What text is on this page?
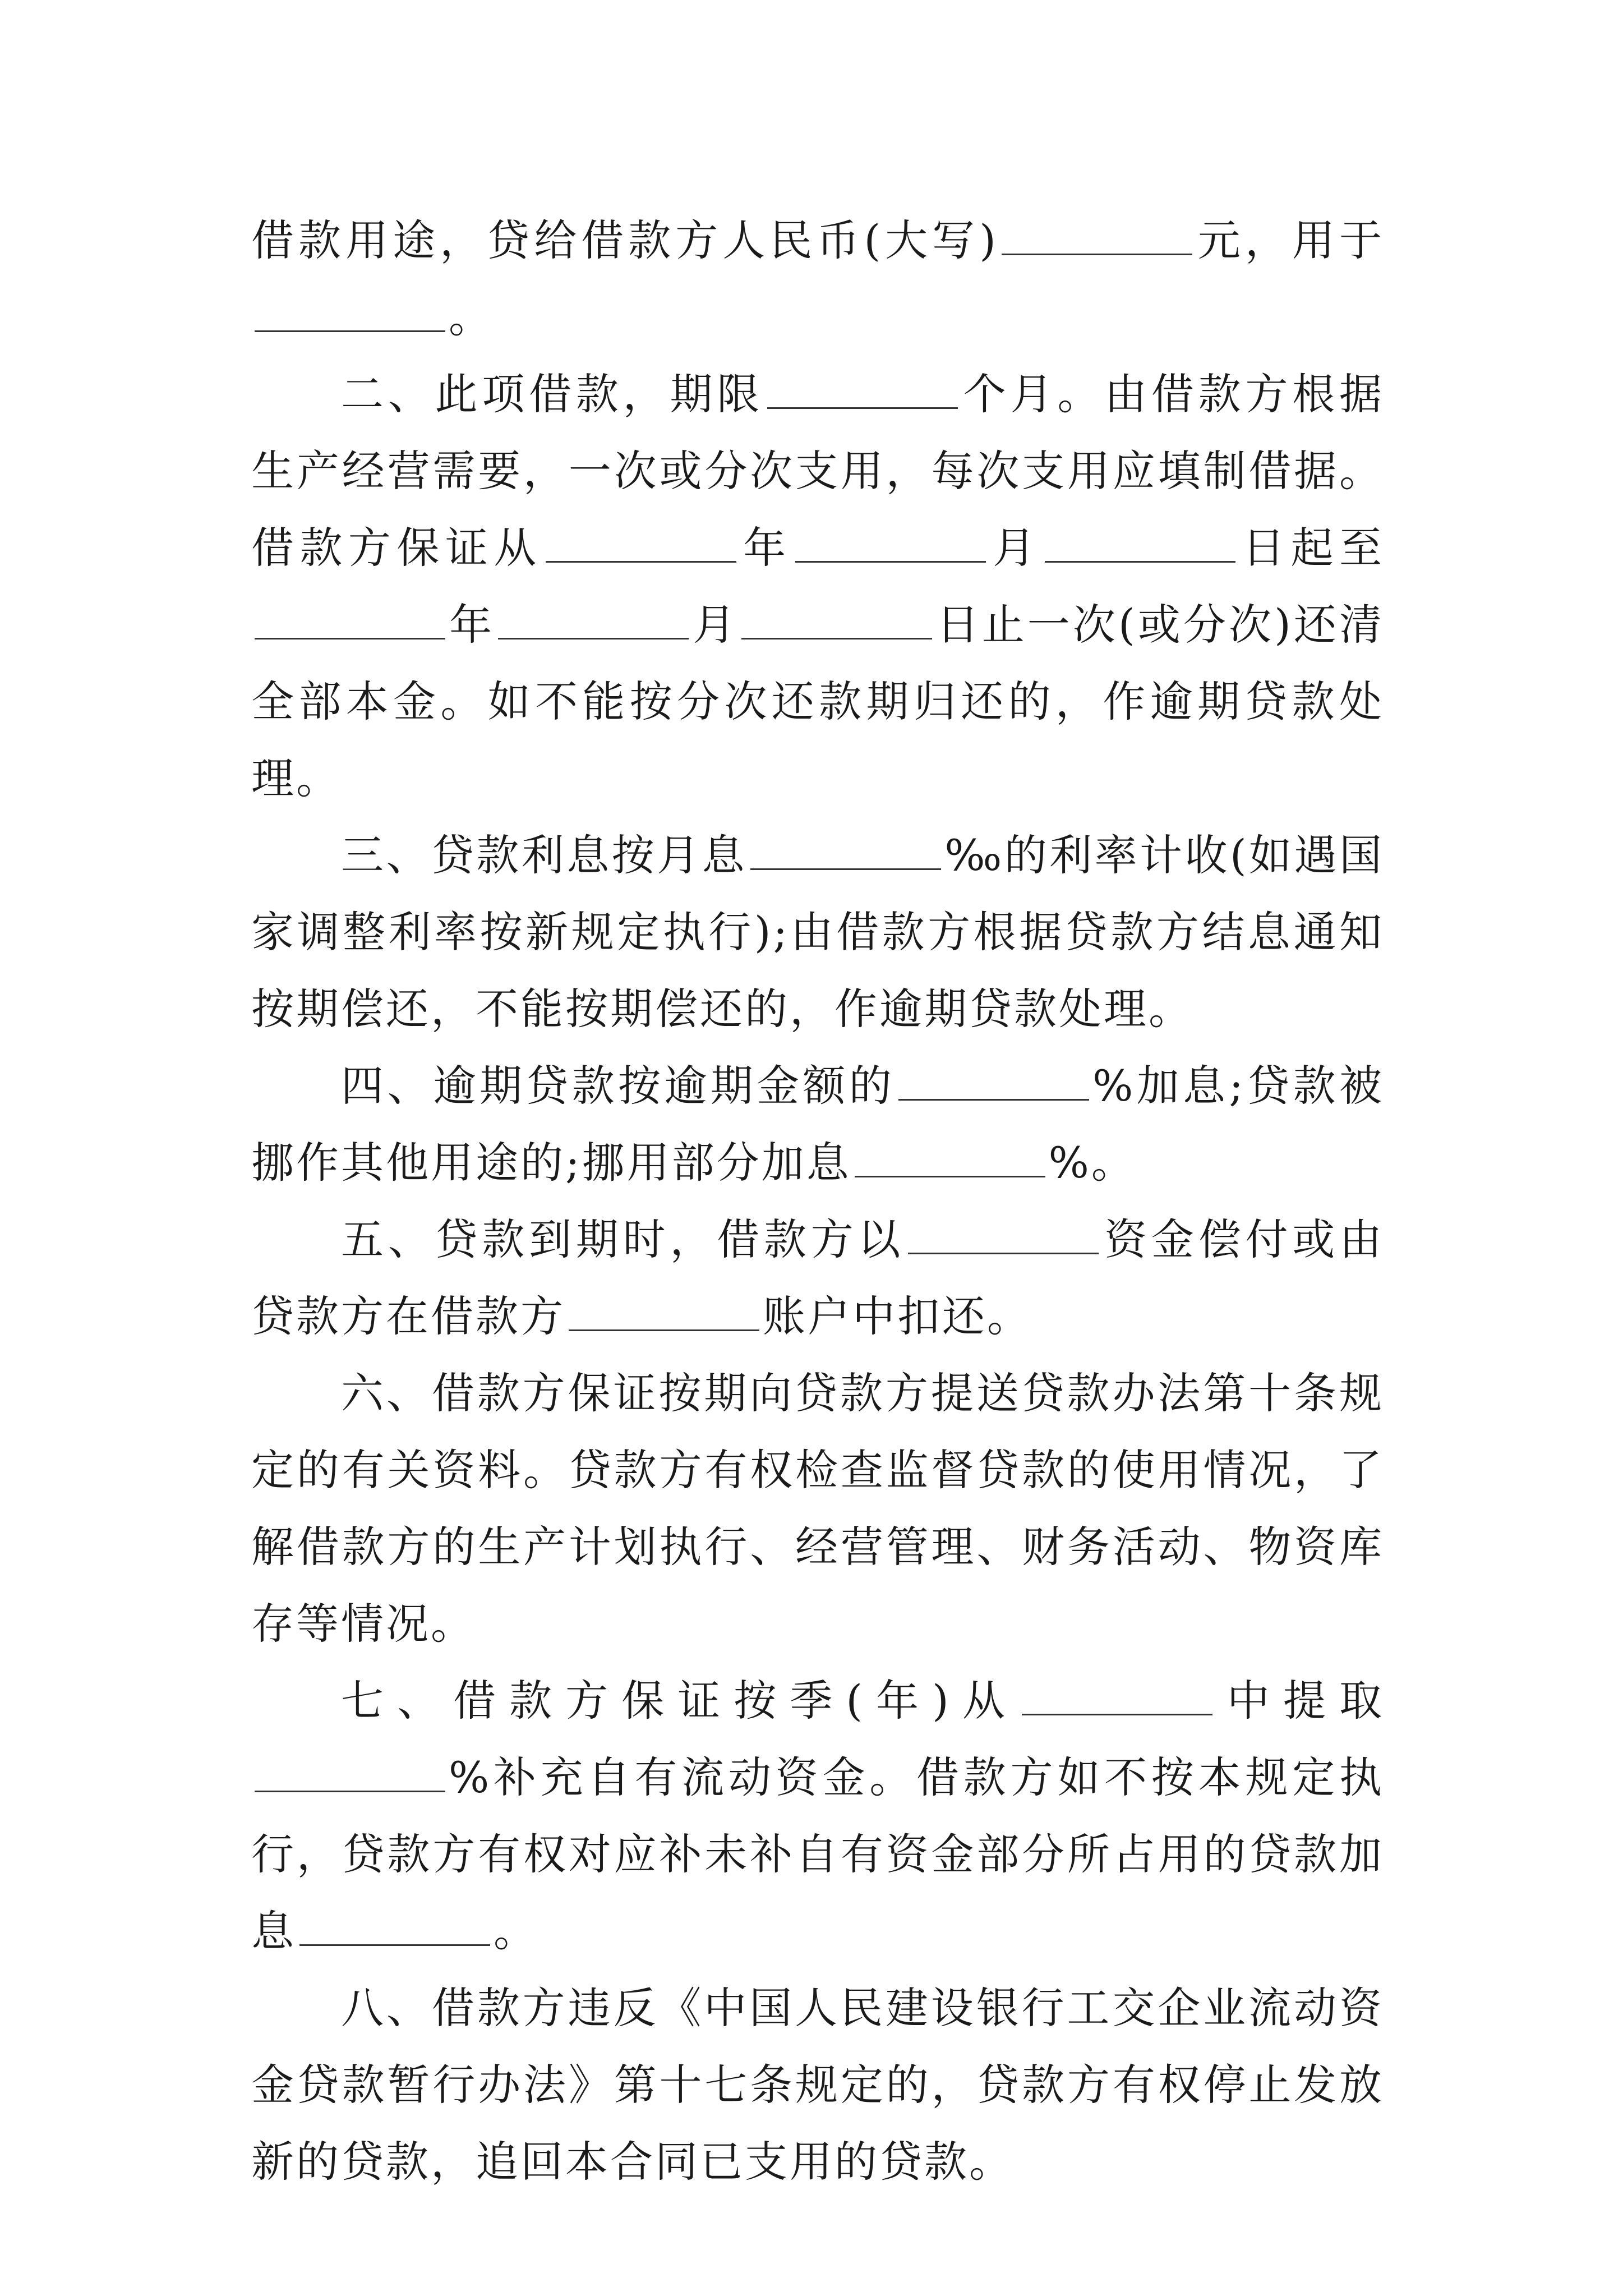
借款用途，贷给借款方人民币(大写)	元，用于。

二、此项借款，期限	个月。由借款方根据生产经营需要，一次或分次支用，每次支用应填制借据。借款方保证从	年	月	日起至年	月	日止一次(或分次)还清全部本金。如不能按分次还款期归还的，作逾期贷款处理。

三、贷款利息按月息	‰的利率计收(如遇国家调整利率按新规定执行);由借款方根据贷款方结息通知按期偿还，不能按期偿还的，作逾期贷款处理。

四、逾期贷款按逾期金额的	%加息;贷款被挪作其他用途的;挪用部分加息	%。

五、贷款到期时，借款方以	资金偿付或由贷款方在借款方	账户中扣还。

六、借款方保证按期向贷款方提送贷款办法第十条规定的有关资料。贷款方有权检查监督贷款的使用情况，了解借款方的生产计划执行、经营管理、财务活动、物资库存等情况。

七、借款方保证按季(年)从	中提取%补充自有流动资金。借款方如不按本规定执行，贷款方有权对应补未补自有资金部分所占用的贷款加息	。

八、借款方违反《中国人民建设银行工交企业流动资金贷款暂行办法》第十七条规定的，贷款方有权停止发放新的贷款，追回本合同已支用的贷款。
